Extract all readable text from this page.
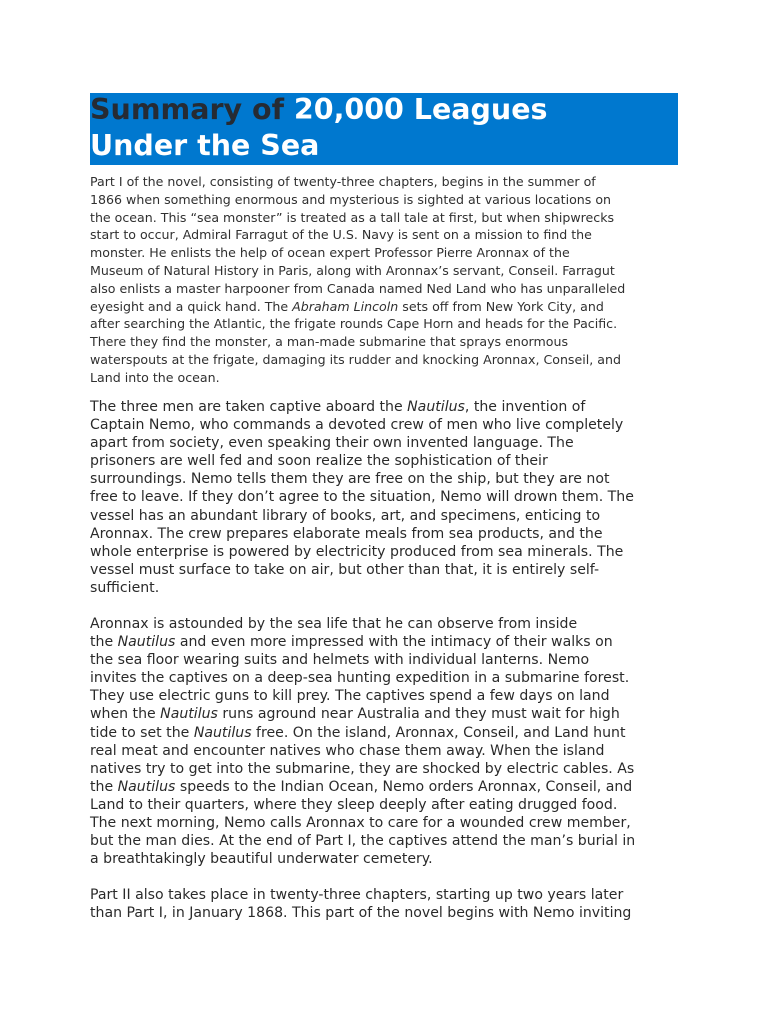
Summary of 20,000 Leagues
Under the Sea
Part I of the novel, consisting of twenty-three chapters, begins in the summer of
1866 when something enormous and mysterious is sighted at various locations on
the ocean. This “sea monster” is treated as a tall tale at first, but when shipwrecks
start to occur, Admiral Farragut of the U.S. Navy is sent on a mission to find the
monster. He enlists the help of ocean expert Professor Pierre Aronnax of the
Museum of Natural History in Paris, along with Aronnax’s servant, Conseil. Farragut
also enlists a master harpooner from Canada named Ned Land who has unparalleled
eyesight and a quick hand. The Abraham Lincoln sets off from New York City, and
after searching the Atlantic, the frigate rounds Cape Horn and heads for the Pacific.
There they find the monster, a man-made submarine that sprays enormous
waterspouts at the frigate, damaging its rudder and knocking Aronnax, Conseil, and
Land into the ocean.
The three men are taken captive aboard the Nautilus, the invention of
Captain Nemo, who commands a devoted crew of men who live completely
apart from society, even speaking their own invented language. The
prisoners are well fed and soon realize the sophistication of their
surroundings. Nemo tells them they are free on the ship, but they are not
free to leave. If they don’t agree to the situation, Nemo will drown them. The
vessel has an abundant library of books, art, and specimens, enticing to
Aronnax. The crew prepares elaborate meals from sea products, and the
whole enterprise is powered by electricity produced from sea minerals. The
vessel must surface to take on air, but other than that, it is entirely self-
sufficient.
Aronnax is astounded by the sea life that he can observe from inside
the Nautilus and even more impressed with the intimacy of their walks on
the sea floor wearing suits and helmets with individual lanterns. Nemo
invites the captives on a deep-sea hunting expedition in a submarine forest.
They use electric guns to kill prey. The captives spend a few days on land
when the Nautilus runs aground near Australia and they must wait for high
tide to set the Nautilus free. On the island, Aronnax, Conseil, and Land hunt
real meat and encounter natives who chase them away. When the island
natives try to get into the submarine, they are shocked by electric cables. As
the Nautilus speeds to the Indian Ocean, Nemo orders Aronnax, Conseil, and
Land to their quarters, where they sleep deeply after eating drugged food.
The next morning, Nemo calls Aronnax to care for a wounded crew member,
but the man dies. At the end of Part I, the captives attend the man’s burial in
a breathtakingly beautiful underwater cemetery.
Part II also takes place in twenty-three chapters, starting up two years later
than Part I, in January 1868. This part of the novel begins with Nemo inviting
